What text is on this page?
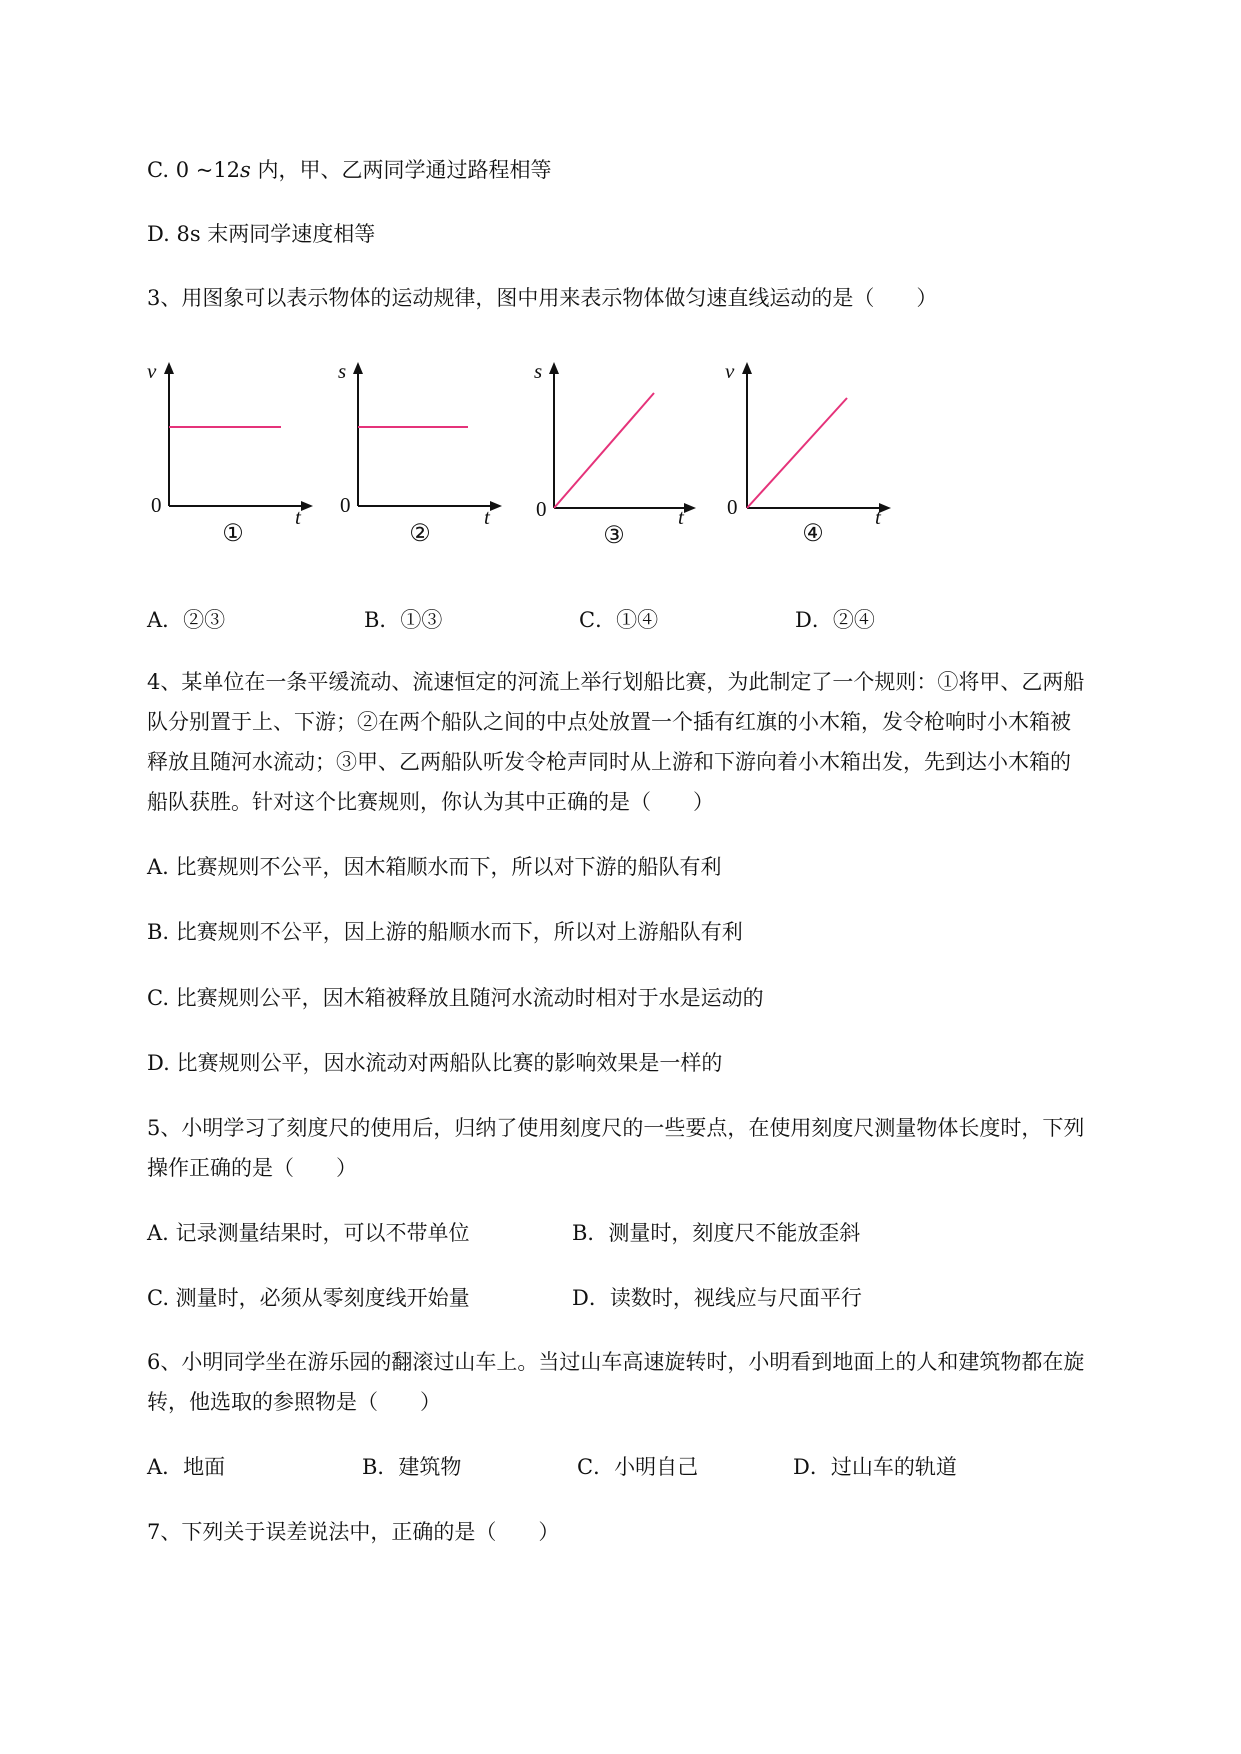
C. 0 ~12s 内，甲、乙两同学通过路程相等
D. 8s 末两同学速度相等
3、用图象可以表示物体的运动规律，图中用来表示物体做匀速直线运动的是（　　）
v
t
0
①
s
t
0
②
s
t
0
③
v
t
0
④
A．②③	B．①③	C．①④	D．②④
4、某单位在一条平缓流动、流速恒定的河流上举行划船比赛，为此制定了一个规则：①将甲、乙两船
队分别置于上、下游；②在两个船队之间的中点处放置一个插有红旗的小木箱，发令枪响时小木箱被
释放且随河水流动；③甲、乙两船队听发令枪声同时从上游和下游向着小木箱出发，先到达小木箱的
船队获胜。针对这个比赛规则，你认为其中正确的是（　　）
A. 比赛规则不公平，因木箱顺水而下，所以对下游的船队有利
B. 比赛规则不公平，因上游的船顺水而下，所以对上游船队有利
C. 比赛规则公平，因木箱被释放且随河水流动时相对于水是运动的
D. 比赛规则公平，因水流动对两船队比赛的影响效果是一样的
5、小明学习了刻度尺的使用后，归纳了使用刻度尺的一些要点，在使用刻度尺测量物体长度时，下列
操作正确的是（　　）
A. 记录测量结果时，可以不带单位	B．测量时，刻度尺不能放歪斜
C. 测量时，必须从零刻度线开始量	D．读数时，视线应与尺面平行
6、小明同学坐在游乐园的翻滚过山车上。当过山车高速旋转时，小明看到地面上的人和建筑物都在旋
转，他选取的参照物是（　　）
A．地面	B．建筑物	C．小明自己	D．过山车的轨道
7、下列关于误差说法中，正确的是（　　）
